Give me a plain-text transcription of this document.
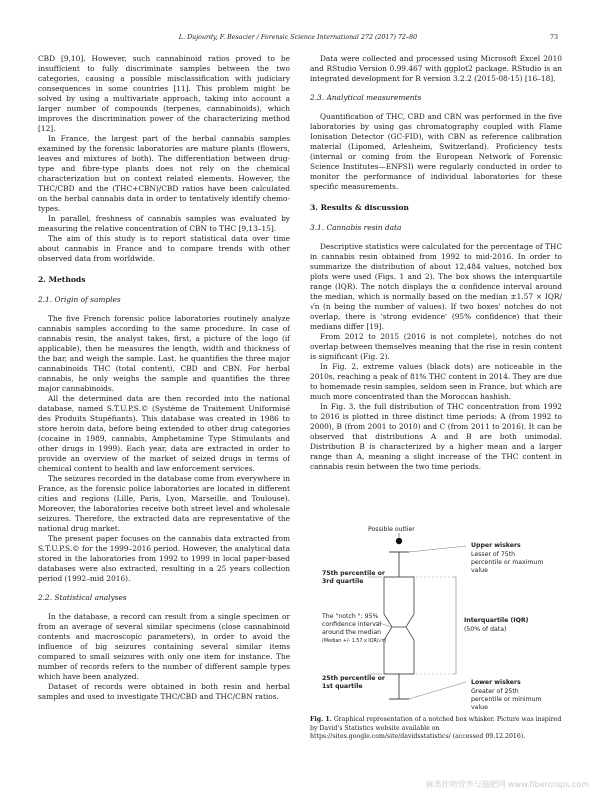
L. Dujourdy, F. Besacier / Forensic Science International 272 (2017) 72–80	73

CBD [9,10]. However, such cannabinoid ratios proved to be insufficient to fully discriminate samples between the two categories, causing a possible misclassification with judiciary consequences in some countries [11]. This problem might be solved by using a multivariate approach, taking into account a larger number of compounds (terpenes, cannabinoids), which improves the discrimination power of the characterizing method [12].

In France, the largest part of the herbal cannabis samples examined by the forensic laboratories are mature plants (flowers, leaves and mixtures of both). The differentiation between drug-type and fibre-type plants does not rely on the chemical characterization but on context related elements. However, the THC/CBD and the (THC+CBN)/CBD ratios have been calculated on the herbal cannabis data in order to tentatively identify chemo-types.

In parallel, freshness of cannabis samples was evaluated by measuring the relative concentration of CBN to THC [9,13–15].

The aim of this study is to report statistical data over time about cannabis in France and to compare trends with other observed data from worldwide.

2. Methods
2.1. Origin of samples

The five French forensic police laboratories routinely analyze cannabis samples according to the same procedure. In case of cannabis resin, the analyst takes, first, a picture of the logo (if applicable), then he measures the length, width and thickness of the bar, and weigh the sample. Last, he quantifies the three major cannabinoids THC (total content), CBD and CBN. For herbal cannabis, he only weighs the sample and quantifies the three major cannabinoids.

All the determined data are then recorded into the national database, named S.T.U.P.S.© (Système de Traitement Uniformisé des Produits Stupéfiants). This database was created in 1986 to store heroin data, before being extended to other drug categories (cocaine in 1989, cannabis, Amphetamine Type Stimulants and other drugs in 1999). Each year, data are extracted in order to provide an overview of the market of seized drugs in terms of chemical content to health and law enforcement services.

The seizures recorded in the database come from everywhere in France, as the forensic police laboratories are located in different cities and regions (Lille, Paris, Lyon, Marseille, and Toulouse). Moreover, the laboratories receive both street level and wholesale seizures. Therefore, the extracted data are representative of the national drug market.

The present paper focuses on the cannabis data extracted from S.T.U.P.S.© for the 1999–2016 period. However, the analytical data stored in the laboratories from 1992 to 1999 in local paper-based databases were also extracted, resulting in a 25 years collection period (1992–mid 2016).

2.2. Statistical analyses

In the database, a record can result from a single specimen or from an average of several similar specimens (close cannabinoid contents and macroscopic parameters), in order to avoid the influence of big seizures containing several similar items compared to small seizures with only one item for instance. The number of records refers to the number of different sample types which have been analyzed.

Dataset of records were obtained in both resin and herbal samples and used to investigate THC/CBD and THC/CBN ratios.

Data were collected and processed using Microsoft Excel 2010 and RStudio Version 0.99.467 with ggplot2 package. RStudio is an integrated development for R version 3.2.2 (2015-08-15) [16–18].

2.3. Analytical measurements

Quantification of THC, CBD and CBN was performed in the five laboratories by using gas chromatography coupled with Flame Ionisation Detector (GC-FID), with CBN as reference calibration material (Lipomed, Arlesheim, Switzerland). Proficiency tests (internal or coming from the European Network of Forensic Science Institutes—ENFSI) were regularly conducted in order to monitor the performance of individual laboratories for these specific measurements.

3. Results & discussion
3.1. Cannabis resin data

Descriptive statistics were calculated for the percentage of THC in cannabis resin obtained from 1992 to mid-2016. In order to summarize the distribution of about 12,484 values, notched box plots were used (Figs. 1 and 2). The box shows the interquartile range (IQR). The notch displays the α confidence interval around the median, which is normally based on the median ±1.57 × IQR/√n (n being the number of values). If two boxes' notches do not overlap, there is 'strong evidence' (95% confidence) that their medians differ [19].

From 2012 to 2015 (2016 is not complete), notches do not overlap between themselves meaning that the rise in resin content is significant (Fig. 2).

In Fig. 2, extreme values (black dots) are noticeable in the 2010s, reaching a peak of 81% THC content in 2014. They are due to homemade resin samples, seldom seen in France, but which are much more concentrated than the Moroccan hashish.

In Fig. 3, the full distribution of THC concentration from 1992 to 2016 is plotted in three distinct time periods: A (from 1992 to 2000), B (from 2001 to 2010) and C (from 2011 to 2016). It can be observed that distributions A and B are both unimodal. Distribution B is characterized by a higher mean and a larger range than A, meaning a slight increase of the THC content in cannabis resin between the two time periods.

Possible outlier
Upper wiskers
Lesser of 75th
percentile or maximum
value
75th percentile or
3rd quartile
The "notch ": 95%
confidence interval
around the median
(Median +/- 1.57 x IQR/√n)
Interquartile (IQR)
(50% of data)
25th percentile or
1st quartile
Lower wiskers
Greater of 25th
percentile or minimum
value
Fig. 1. Graphical representation of a notched box whisker. Picture was inspired by David's Statistics website available on https://sites.google.com/site/davidsstatistics/ (accessed 09.12.2016).
麻类作物营养与施肥网 www.fibercrops.com
